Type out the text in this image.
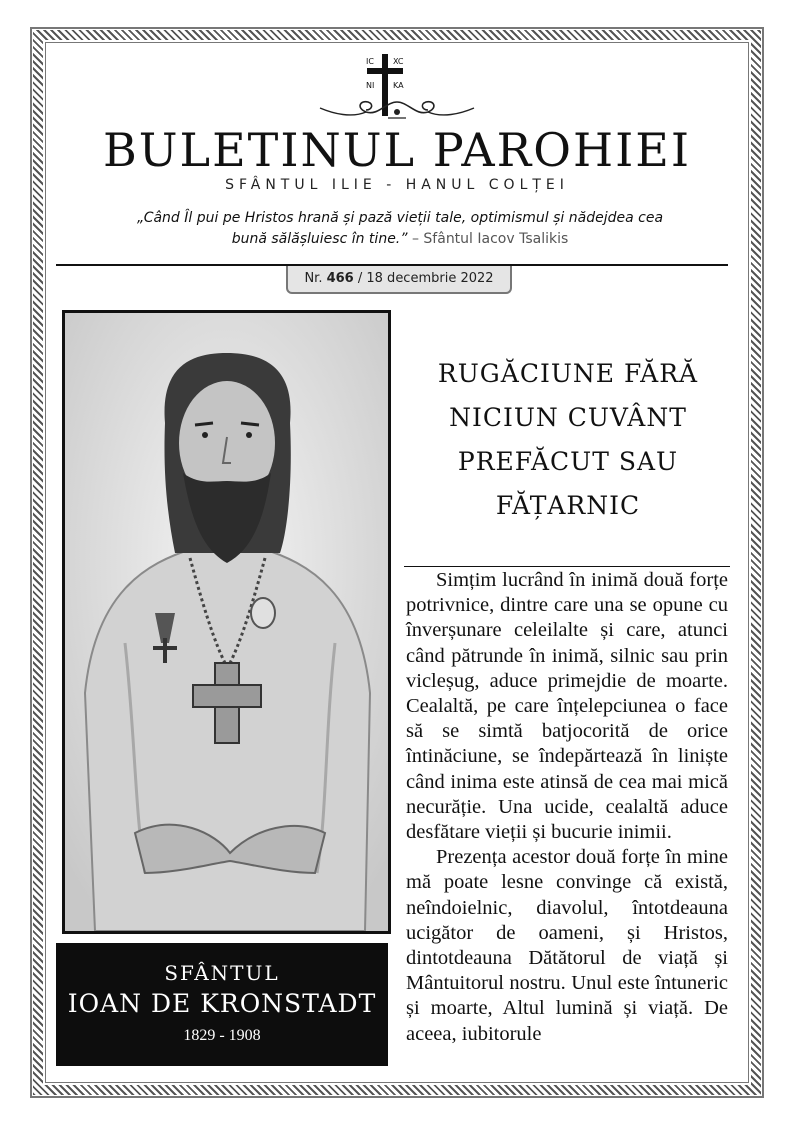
IC XC
NI KA
BULETINUL PAROHIEI
SFÂNTUL ILIE - HANUL COLȚEI
„Când Îl pui pe Hristos hrană și pază vieții tale, optimismul și nădejdea cea bună sălășluiesc în tine.” – Sfântul Iacov Tsalikis
Nr. 466 / 18 decembrie 2022
SFÂNTUL
IOAN DE KRONSTADT
1829 - 1908
RUGĂCIUNE FĂRĂ
NICIUN CUVÂNT
PREFĂCUT SAU
FĂȚARNIC

Simțim lucrând în inimă două forțe potrivnice, dintre care una se opune cu înverșunare celeilalte și care, atunci când pătrunde în inimă, silnic sau prin vicleșug, aduce primejdie de moarte. Cealaltă, pe care înțelepciunea o face să se simtă batjocorită de orice întinăciune, se îndepărtează în liniște când inima este atinsă de cea mai mică necurăție. Una ucide, cealaltă aduce desfătare vieții și bucurie inimii.

Prezența acestor două forțe în mine mă poate lesne convinge că există, neîndoielnic, diavolul, întotdeauna ucigător de oameni, și Hristos, dintotdeauna Dătătorul de viață și Mântuitorul nostru. Unul este întuneric și moarte, Altul lumină și viață. De aceea, iubitorule
